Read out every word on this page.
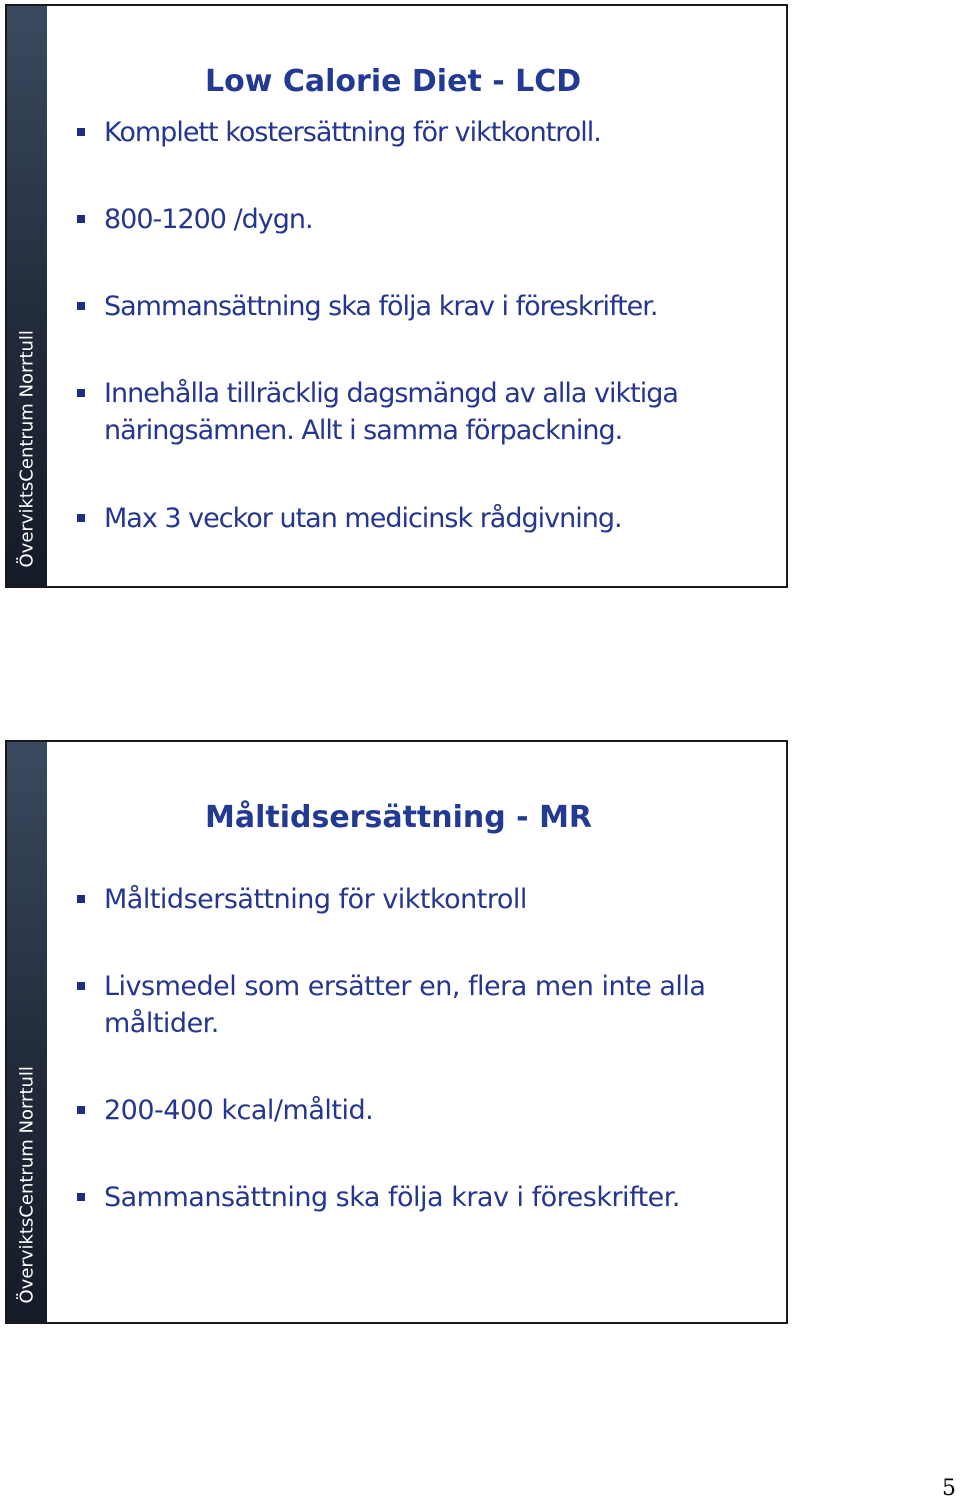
ÖverviktsCentrum Norrtull
Low Calorie Diet - LCD
Komplett kostersättning för viktkontroll.
800-1200 /dygn.
Sammansättning ska följa krav i föreskrifter.
Innehålla tillräcklig dagsmängd av alla viktiga näringsämnen. Allt i samma förpackning.
Max 3 veckor utan medicinsk rådgivning.
ÖverviktsCentrum Norrtull
Måltidsersättning - MR
Måltidsersättning för viktkontroll
Livsmedel som ersätter en, flera men inte alla måltider.
200-400 kcal/måltid.
Sammansättning ska följa krav i föreskrifter.
5
